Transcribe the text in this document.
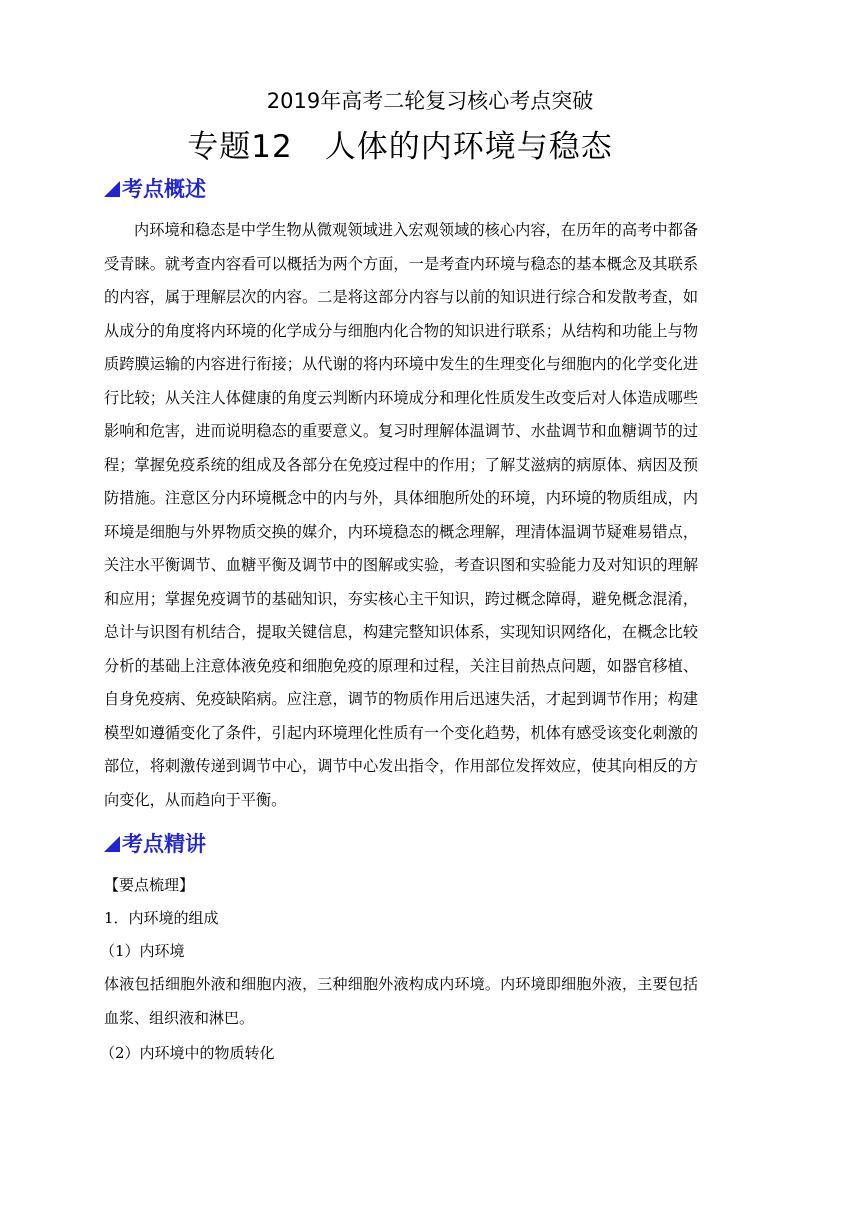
2019年高考二轮复习核心考点突破
专题12　人体的内环境与稳态
考点概述

内环境和稳态是中学生物从微观领域进入宏观领域的核心内容，在历年的高考中都备受青睐。就考查内容看可以概括为两个方面，一是考查内环境与稳态的基本概念及其联系的内容，属于理解层次的内容。二是将这部分内容与以前的知识进行综合和发散考查，如从成分的角度将内环境的化学成分与细胞内化合物的知识进行联系；从结构和功能上与物质跨膜运输的内容进行衔接；从代谢的将内环境中发生的生理变化与细胞内的化学变化进行比较；从关注人体健康的角度云判断内环境成分和理化性质发生改变后对人体造成哪些影响和危害，进而说明稳态的重要意义。复习时理解体温调节、水盐调节和血糖调节的过程；掌握免疫系统的组成及各部分在免疫过程中的作用；了解艾滋病的病原体、病因及预防措施。注意区分内环境概念中的内与外，具体细胞所处的环境，内环境的物质组成，内环境是细胞与外界物质交换的媒介，内环境稳态的概念理解，理清体温调节疑难易错点，关注水平衡调节、血糖平衡及调节中的图解或实验，考查识图和实验能力及对知识的理解和应用；掌握免疫调节的基础知识，夯实核心主干知识，跨过概念障碍，避免概念混淆，总计与识图有机结合，提取关键信息，构建完整知识体系，实现知识网络化，在概念比较分析的基础上注意体液免疫和细胞免疫的原理和过程，关注目前热点问题，如器官移植、自身免疫病、免疫缺陷病。应注意，调节的物质作用后迅速失活，才起到调节作用；构建模型如遵循变化了条件，引起内环境理化性质有一个变化趋势，机体有感受该变化刺激的部位，将刺激传递到调节中心，调节中心发出指令，作用部位发挥效应，使其向相反的方向变化，从而趋向于平衡。

考点精讲

【要点梳理】

1．内环境的组成

（1）内环境

体液包括细胞外液和细胞内液，三种细胞外液构成内环境。内环境即细胞外液，主要包括血浆、组织液和淋巴。

（2）内环境中的物质转化
